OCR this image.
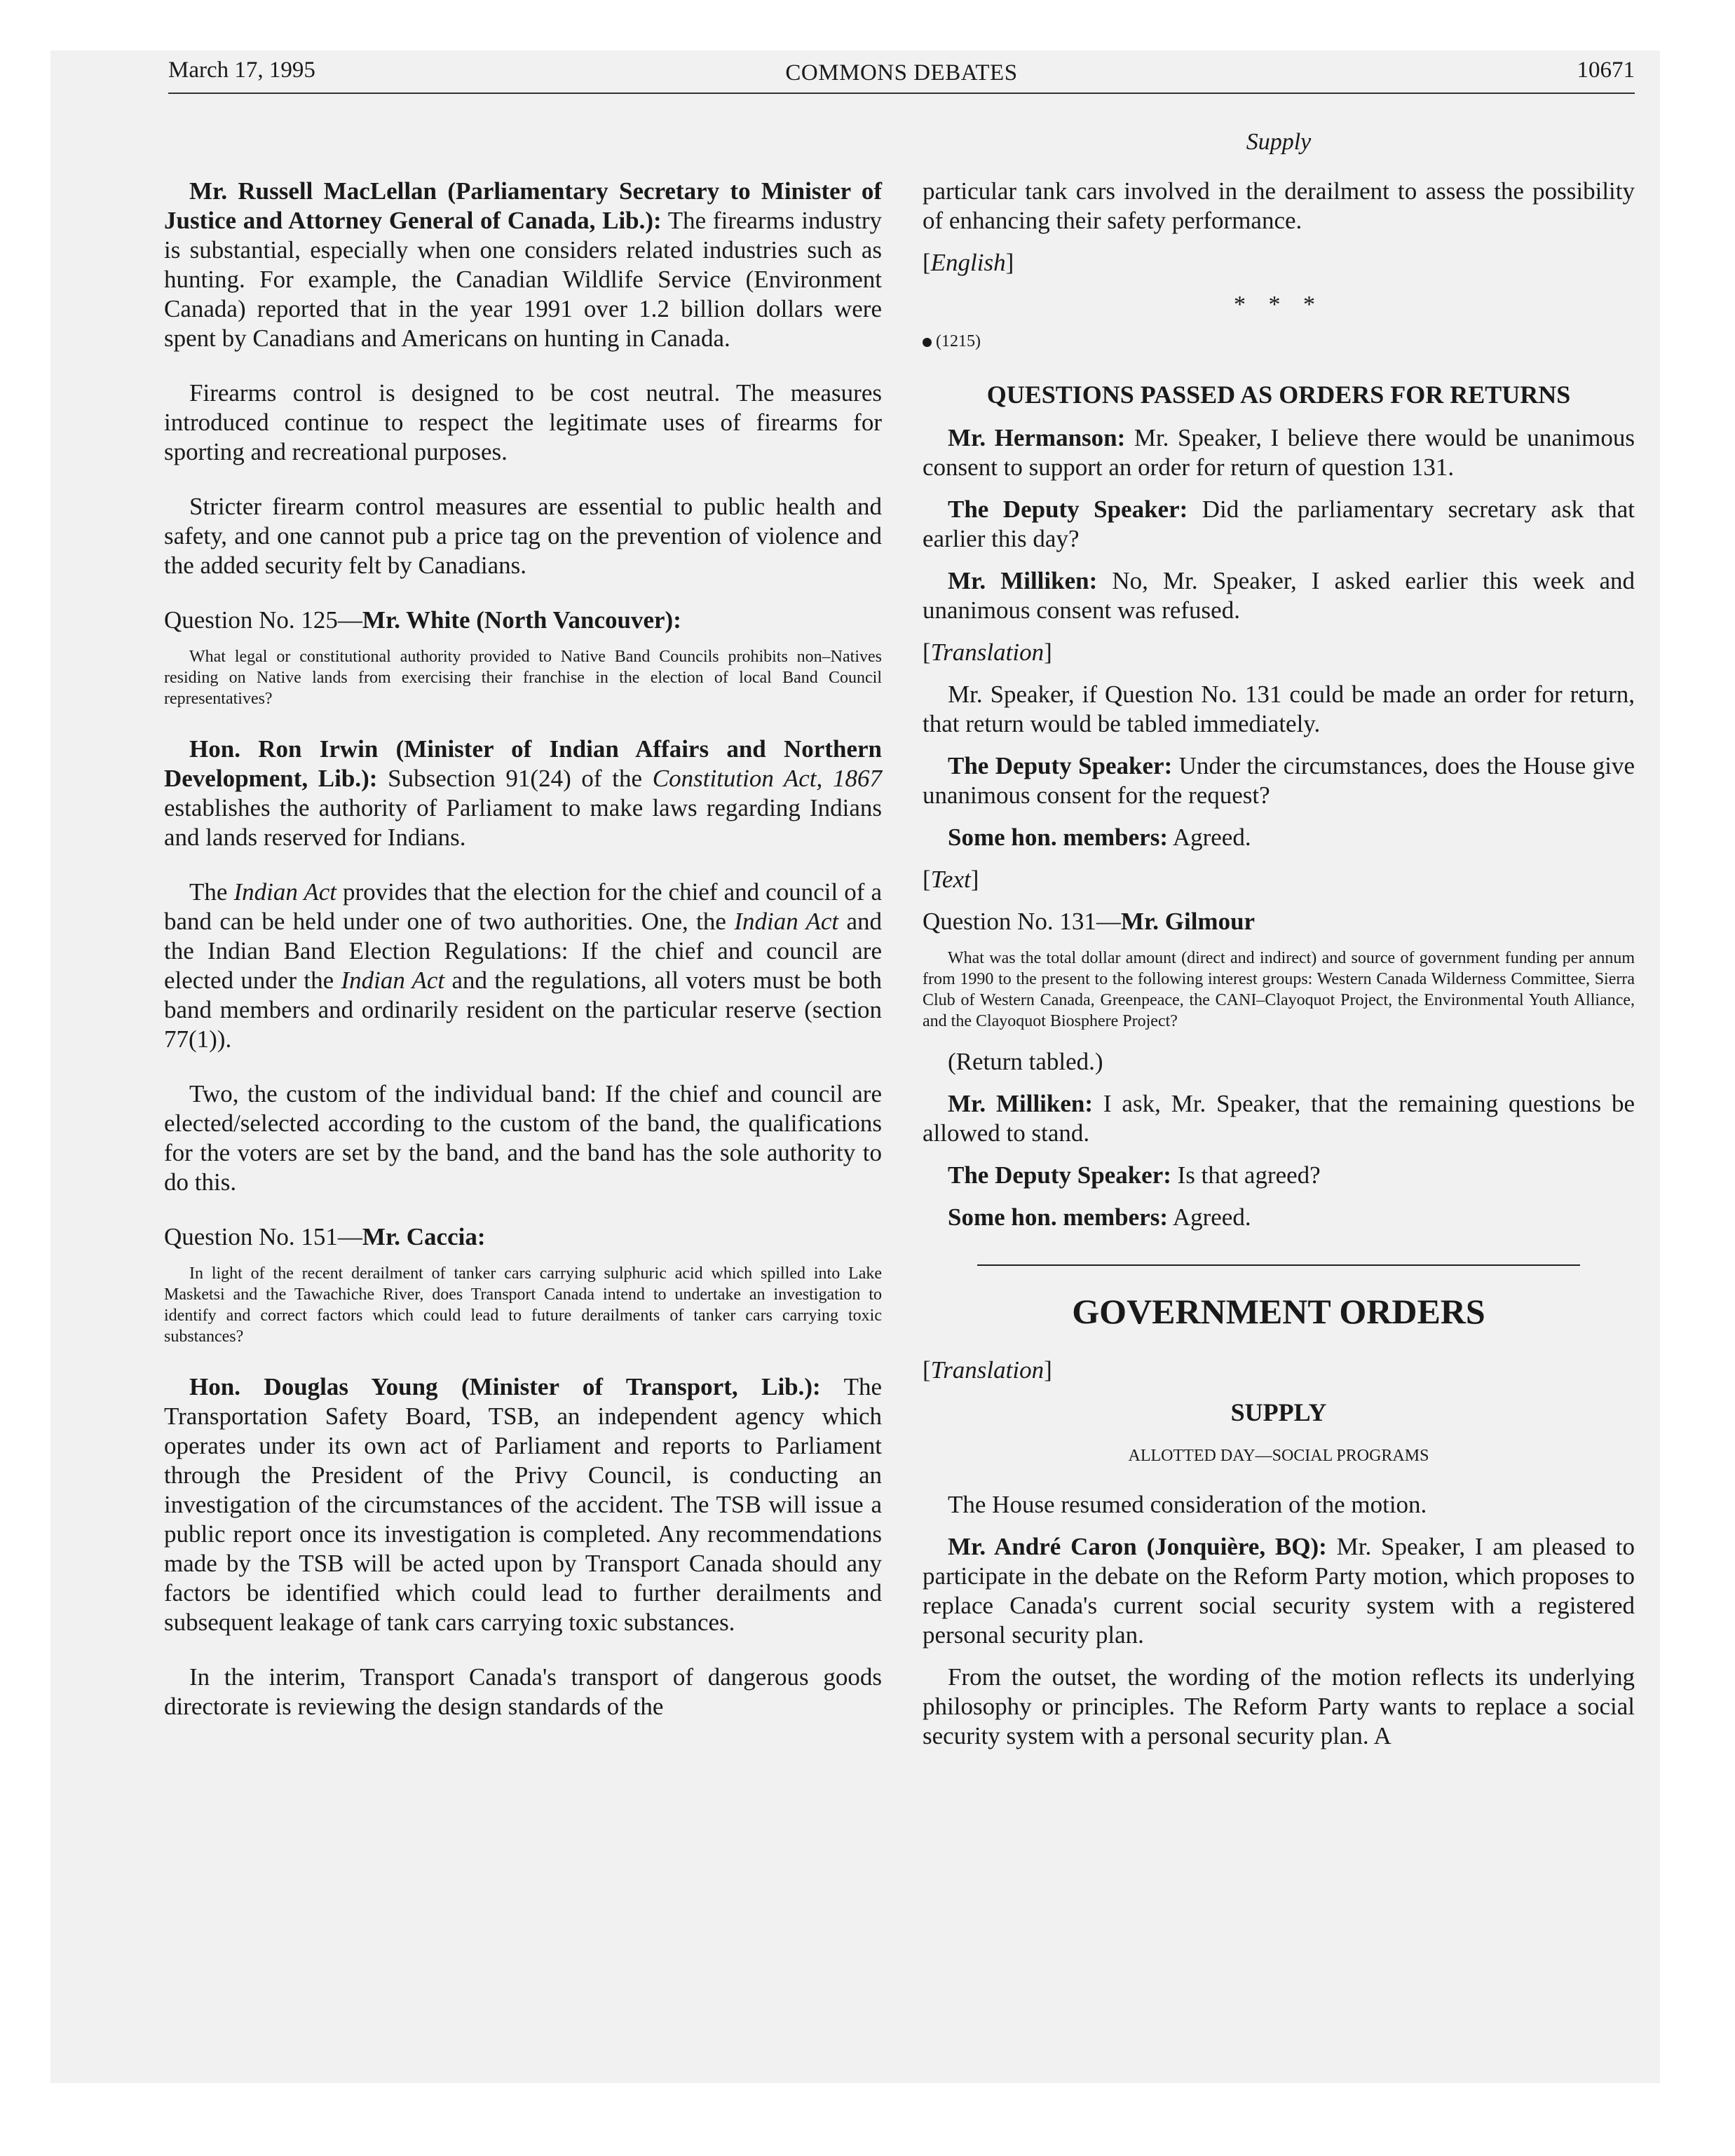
March 17, 1995	COMMONS DEBATES	10671
Supply

Mr. Russell MacLellan (Parliamentary Secretary to Minister of Justice and Attorney General of Canada, Lib.): The firearms industry is substantial, especially when one considers related industries such as hunting. For example, the Canadian Wildlife Service (Environment Canada) reported that in the year 1991 over 1.2 billion dollars were spent by Canadians and Americans on hunting in Canada.

Firearms control is designed to be cost neutral. The measures introduced continue to respect the legitimate uses of firearms for sporting and recreational purposes.

Stricter firearm control measures are essential to public health and safety, and one cannot pub a price tag on the prevention of violence and the added security felt by Canadians.

Question No. 125—Mr. White (North Vancouver):
What legal or constitutional authority provided to Native Band Councils prohibits non–Natives residing on Native lands from exercising their franchise in the election of local Band Council representatives?

Hon. Ron Irwin (Minister of Indian Affairs and Northern Development, Lib.): Subsection 91(24) of the Constitution Act, 1867 establishes the authority of Parliament to make laws regarding Indians and lands reserved for Indians.

The Indian Act provides that the election for the chief and council of a band can be held under one of two authorities. One, the Indian Act and the Indian Band Election Regulations: If the chief and council are elected under the Indian Act and the regulations, all voters must be both band members and ordinarily resident on the particular reserve (section 77(1)).

Two, the custom of the individual band: If the chief and council are elected/selected according to the custom of the band, the qualifications for the voters are set by the band, and the band has the sole authority to do this.

Question No. 151—Mr. Caccia:
In light of the recent derailment of tanker cars carrying sulphuric acid which spilled into Lake Masketsi and the Tawachiche River, does Transport Canada intend to undertake an investigation to identify and correct factors which could lead to future derailments of tanker cars carrying toxic substances?

Hon. Douglas Young (Minister of Transport, Lib.): The Transportation Safety Board, TSB, an independent agency which operates under its own act of Parliament and reports to Parliament through the President of the Privy Council, is conducting an investigation of the circumstances of the accident. The TSB will issue a public report once its investigation is completed. Any recommendations made by the TSB will be acted upon by Transport Canada should any factors be identified which could lead to further derailments and subsequent leakage of tank cars carrying toxic substances.

In the interim, Transport Canada's transport of dangerous goods directorate is reviewing the design standards of the

particular tank cars involved in the derailment to assess the possibility of enhancing their safety performance.

[English]
* * *
(1215)
QUESTIONS PASSED AS ORDERS FOR RETURNS

Mr. Hermanson: Mr. Speaker, I believe there would be unanimous consent to support an order for return of question 131.

The Deputy Speaker: Did the parliamentary secretary ask that earlier this day?

Mr. Milliken: No, Mr. Speaker, I asked earlier this week and unanimous consent was refused.

[Translation]

Mr. Speaker, if Question No. 131 could be made an order for return, that return would be tabled immediately.

The Deputy Speaker: Under the circumstances, does the House give unanimous consent for the request?

Some hon. members: Agreed.

[Text]
Question No. 131—Mr. Gilmour
What was the total dollar amount (direct and indirect) and source of government funding per annum from 1990 to the present to the following interest groups: Western Canada Wilderness Committee, Sierra Club of Western Canada, Greenpeace, the CANI–Clayoquot Project, the Environmental Youth Alliance, and the Clayoquot Biosphere Project?

(Return tabled.)

Mr. Milliken: I ask, Mr. Speaker, that the remaining questions be allowed to stand.

The Deputy Speaker: Is that agreed?

Some hon. members: Agreed.

GOVERNMENT ORDERS
[Translation]
SUPPLY
ALLOTTED DAY—SOCIAL PROGRAMS

The House resumed consideration of the motion.

Mr. André Caron (Jonquière, BQ): Mr. Speaker, I am pleased to participate in the debate on the Reform Party motion, which proposes to replace Canada's current social security system with a registered personal security plan.

From the outset, the wording of the motion reflects its underlying philosophy or principles. The Reform Party wants to replace a social security system with a personal security plan. A
